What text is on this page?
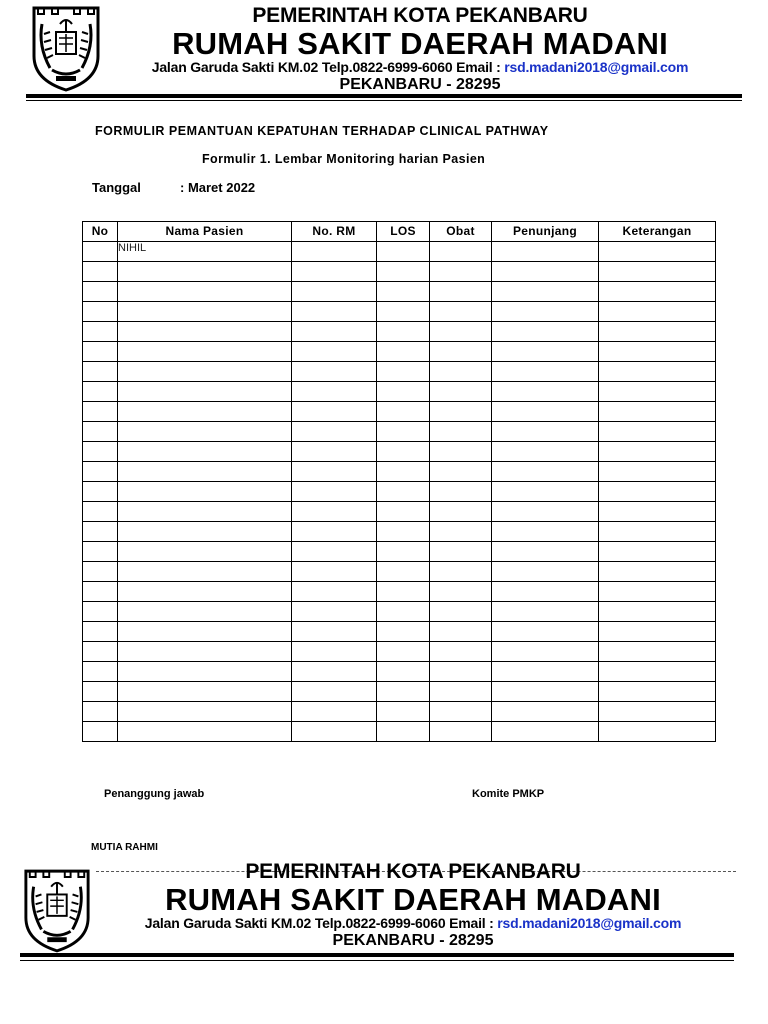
PEMERINTAH KOTA PEKANBARU
RUMAH SAKIT DAERAH MADANI
Jalan Garuda Sakti KM.02 Telp.0822-6999-6060 Email : rsd.madani2018@gmail.com
PEKANBARU - 28295
FORMULIR PEMANTUAN KEPATUHAN TERHADAP CLINICAL PATHWAY
Formulir 1. Lembar Monitoring harian Pasien
Tanggal	: Maret 2022
No	Nama Pasien	No. RM	LOS	Obat	Penunjang	Keterangan
	NIHIL					

Penanggung jawab	Komite PMKP
MUTIA RAHMI
PEMERINTAH KOTA PEKANBARU
RUMAH SAKIT DAERAH MADANI
Jalan Garuda Sakti KM.02 Telp.0822-6999-6060 Email : rsd.madani2018@gmail.com
PEKANBARU - 28295
